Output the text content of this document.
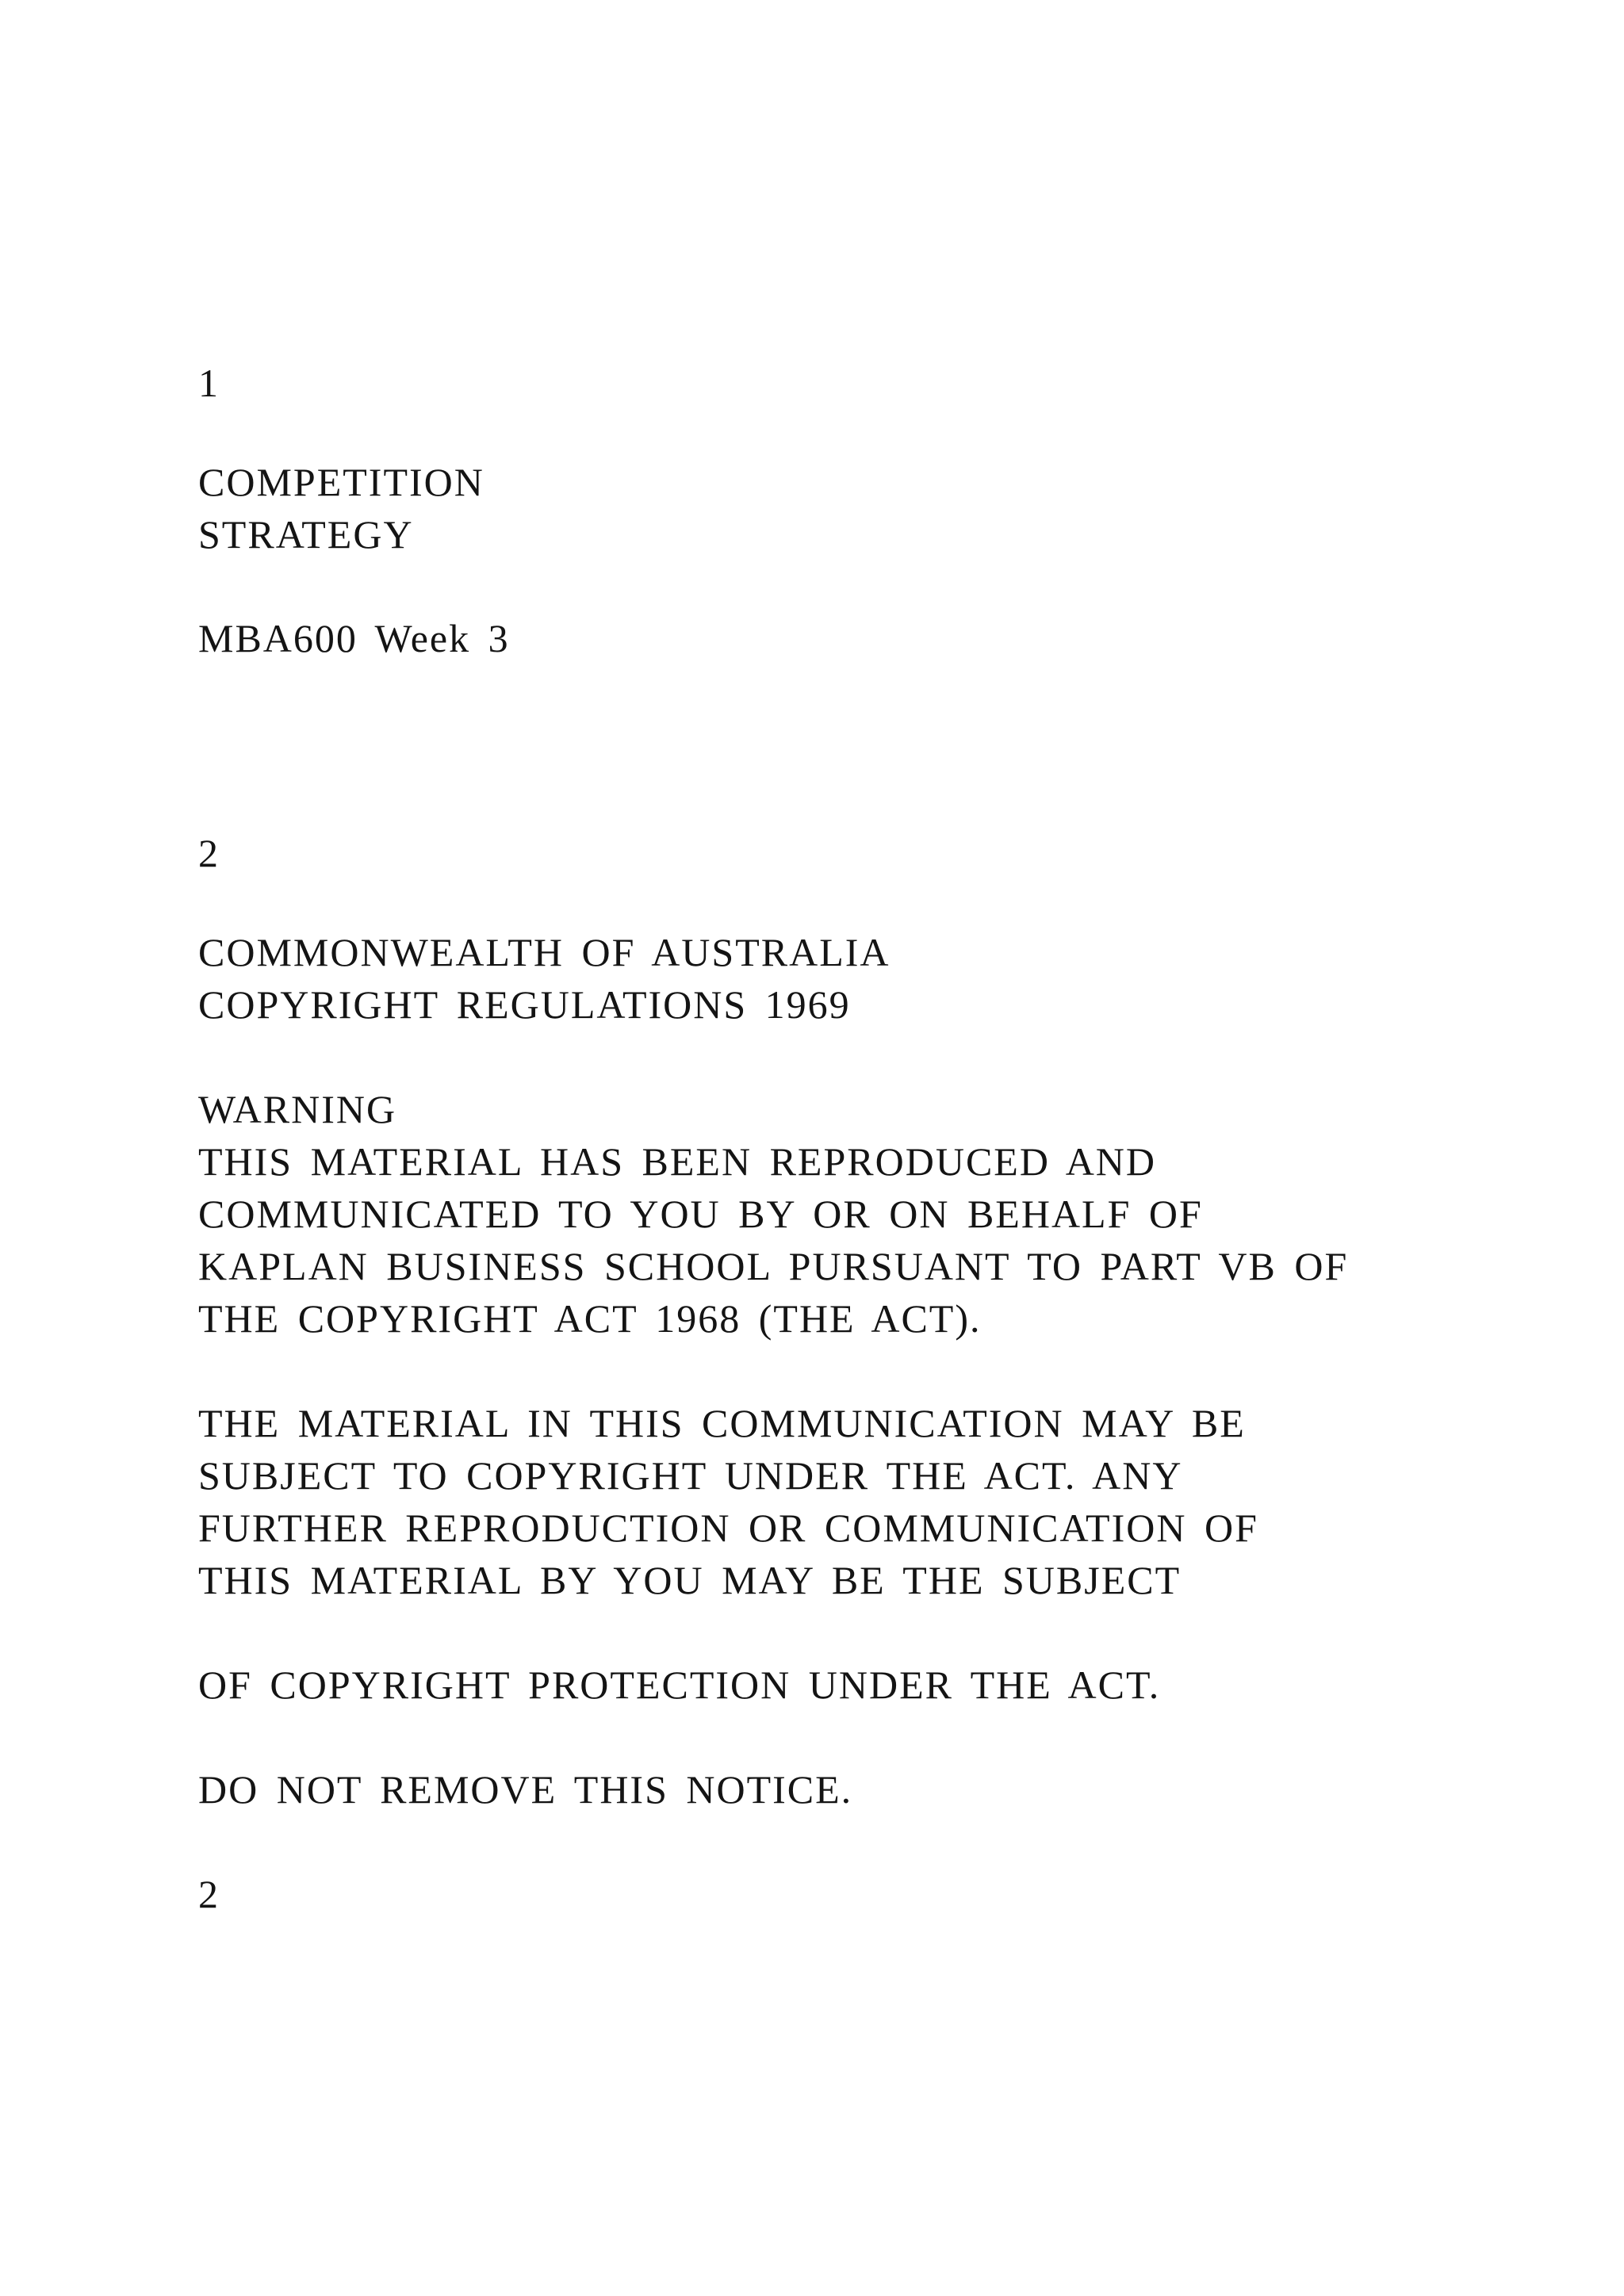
1
COMPETITION
STRATEGY
MBA600 Week 3
2
COMMONWEALTH OF AUSTRALIA
COPYRIGHT REGULATIONS 1969
WARNING
THIS MATERIAL HAS BEEN REPRODUCED AND
COMMUNICATED TO YOU BY OR ON BEHALF OF
KAPLAN BUSINESS SCHOOL PURSUANT TO PART VB OF
THE COPYRIGHT ACT 1968 (THE ACT).
THE MATERIAL IN THIS COMMUNICATION MAY BE
SUBJECT TO COPYRIGHT UNDER THE ACT. ANY
FURTHER REPRODUCTION OR COMMUNICATION OF
THIS MATERIAL BY YOU MAY BE THE SUBJECT
OF COPYRIGHT PROTECTION UNDER THE ACT.
DO NOT REMOVE THIS NOTICE.
2
